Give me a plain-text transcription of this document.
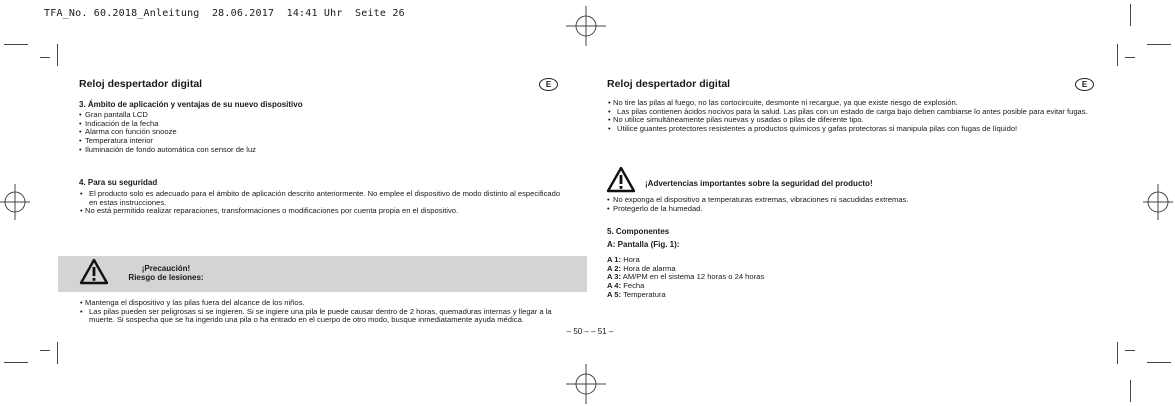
TFA_No. 60.2018_Anleitung  28.06.2017  14:41 Uhr  Seite 26
Reloj despertador digital	E
3. Ámbito de aplicación y ventajas de su nuevo dispositivo
• Gran pantalla LCD
• Indicación de la fecha
• Alarma con función snooze
• Temperatura interior
• Iluminación de fondo automática con sensor de luz
4. Para su seguridad
• El producto solo es adecuado para el ámbito de aplicación descrito anteriormente. No emplee el dispositivo de modo distinto al especificado en estas instrucciones.
• No está permitido realizar reparaciones, transformaciones o modificaciones por cuenta propia en el dispositivo.
¡Precaución!
Riesgo de lesiones:
• Mantenga el dispositivo y las pilas fuera del alcance de los niños.
• Las pilas pueden ser peligrosas si se ingieren. Si se ingiere una pila le puede causar dentro de 2 horas, quemaduras internas y llegar a la muerte. Si sospecha que se ha ingerido una pila o ha entrado en el cuerpo de otro modo, busque inmediatamente ayuda médica.
– 50 – – 51 –
Reloj despertador digital	E
• No tire las pilas al fuego, no las cortocircuite, desmonte ni recargue, ya que existe riesgo de explosión.
• Las pilas contienen ácidos nocivos para la salud. Las pilas con un estado de carga bajo deben cambiarse lo antes posible para evitar fugas.
• No utilice simultáneamente pilas nuevas y usadas o pilas de diferente tipo.
• Utilice guantes protectores resistentes a productos químicos y gafas protectoras si manipula pilas con fugas de líquido!
¡Advertencias importantes sobre la seguridad del producto!
• No exponga el dispositivo a temperaturas extremas, vibraciones ni sacudidas extremas.
• Protegerlo de la humedad.
5. Componentes
A: Pantalla (Fig. 1):
A 1: Hora
A 2: Hora de alarma
A 3: AM/PM en el sistema 12 horas o 24 horas
A 4: Fecha
A 5: Temperatura
